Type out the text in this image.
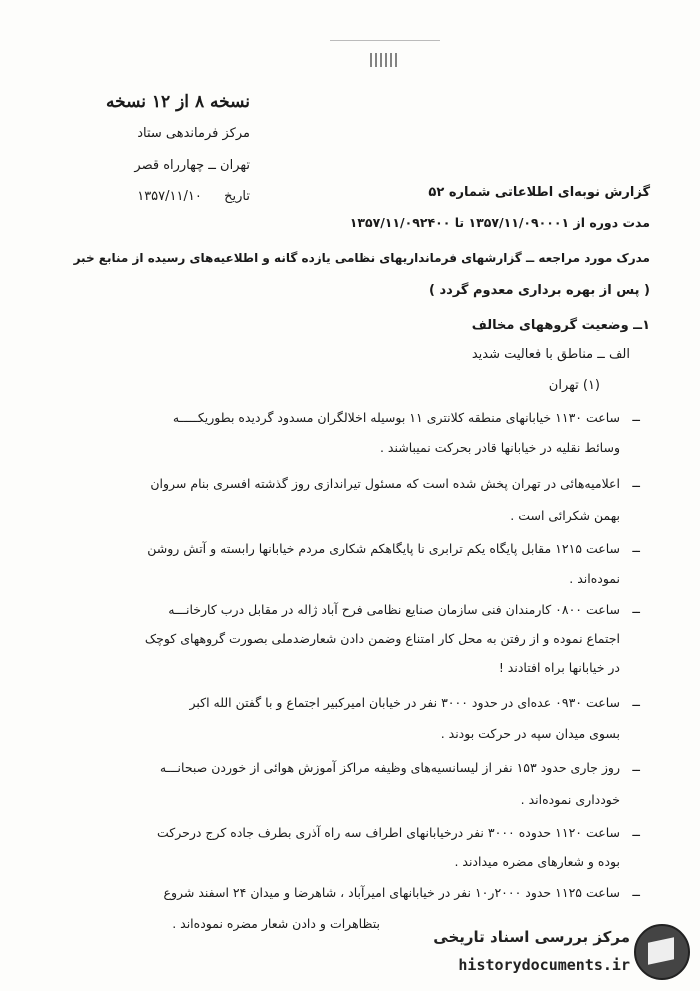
نسخه ۸ از ۱۲ نسخه
مرکز فرماندهی ستاد
تهران ــ چهارراه قصر
تاریخ  ۱۳۵۷/۱۱/۱۰	گزارش نوبه‌ای اطلاعاتی شماره ۵۲
مدت دوره از ۱۳۵۷/۱۱/۰۹۰۰۰۱ تا ۱۳۵۷/۱۱/۰۹۲۴۰۰
مدرک مورد مراجعه ــ گزارشهای فرمانداریهای نظامی یازده گانه و اطلاعیه‌های رسیده از منابع خبر
( پس از بهره برداری معدوم گردد )
۱ــ وضعیت گروههای مخالف
الف ــ مناطق با فعالیت شدید
(۱) تهران
ــ
ساعت ۱۱۳۰ خیابانهای منطقه کلانتری ۱۱ بوسیله اخلالگران مسدود گردیده بطوریکـــــه
وسائط نقلیه در خیابانها قادر بحرکت نمیباشند .
ــ
اعلامیه‌هائی در تهران پخش شده است که مسئول تیراندازی روز گذشته افسری بنام سروان
بهمن شکرائی است .
ــ
ساعت ۱۲۱۵ مقابل پایگاه یکم ترابری نا پایگاهکم شکاری مردم خیابانها رابسته و آتش روشن
نموده‌اند .
ــ
ساعت ۰۸۰۰ کارمندان فنی سازمان صنایع نظامی فرح آباد ژاله در مقابل درب کارخانـــه
اجتماع نموده و از رفتن به محل کار امتناع وضمن دادن شعارضدملی بصورت گروههای کوچک
در خیابانها براه افتادند !
ــ
ساعت ۰۹۳۰ عده‌ای در حدود ۳۰۰۰ نفر در خیابان امیرکبیر اجتماع و با گفتن الله اکبر
بسوی میدان سپه در حرکت بودند .
ــ
روز جاری حدود ۱۵۳ نفر از لیسانسیه‌های وظیفه مراکز آموزش هوائی از خوردن صبحانـــه
خودداری نموده‌اند .
ــ
ساعت ۱۱۲۰ حدوده ۳۰۰۰ نفر درخیابانهای اطراف سه راه آذری بطرف جاده کرج درحرکت
بوده و شعارهای مضره میدادند .
ــ
ساعت ۱۱۲۵ حدود ۲۰۰۰ر۱۰ نفر در خیابانهای امیرآباد ، شاهرضا و میدان ۲۴ اسفند شروع
بتظاهرات و دادن شعار مضره نموده‌اند .
مرکز بررسی اسناد تاریخی
historydocuments.ir
